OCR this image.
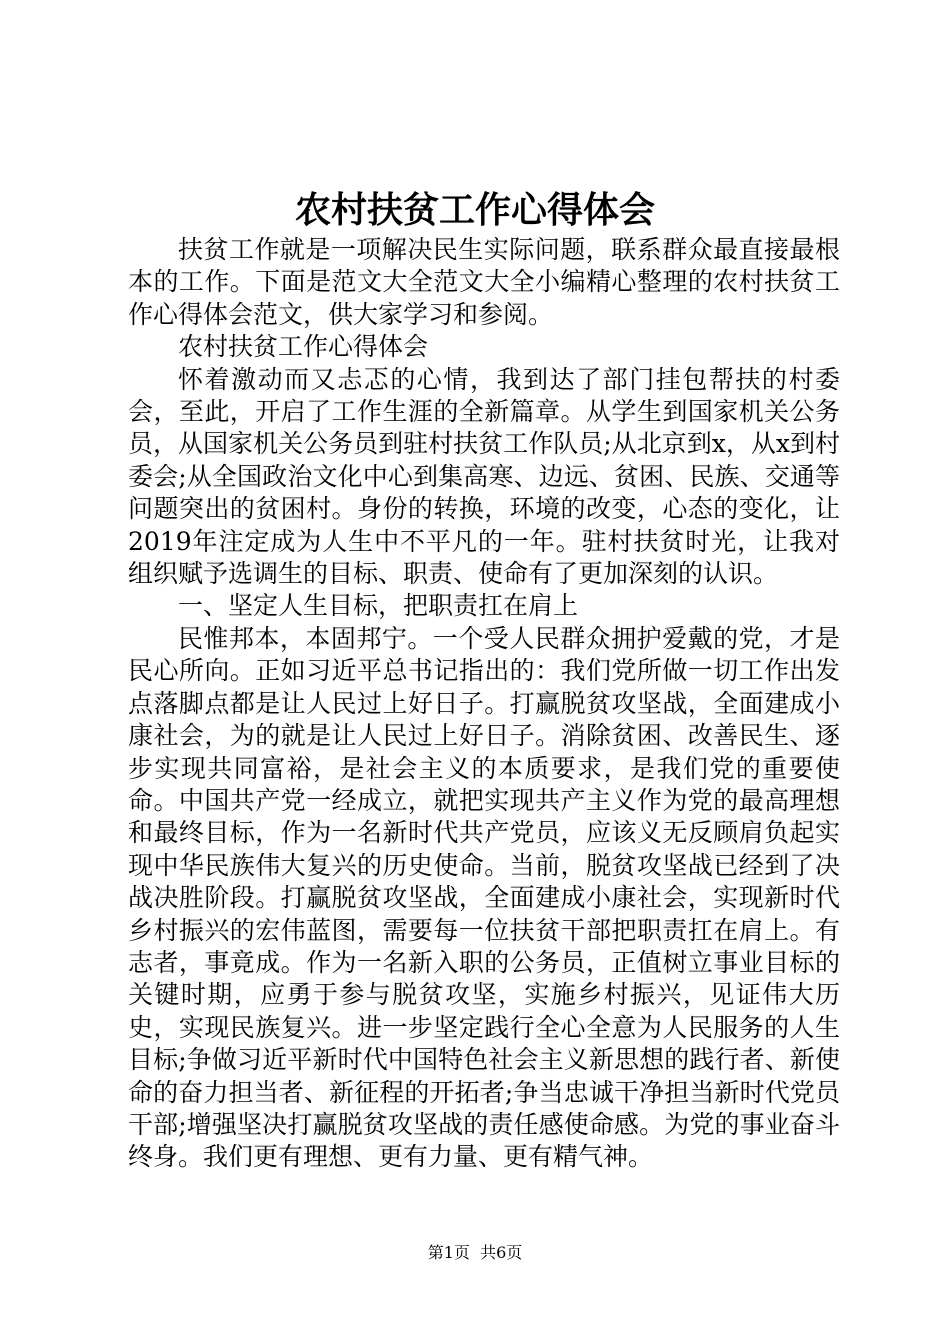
农村扶贫工作心得体会

扶贫工作就是一项解决民生实际问题，联系群众最直接最根本的工作。下面是范文大全范文大全小编精心整理的农村扶贫工作心得体会范文，供大家学习和参阅。

农村扶贫工作心得体会

怀着激动而又忐忑的心情，我到达了部门挂包帮扶的村委会，至此，开启了工作生涯的全新篇章。从学生到国家机关公务员，从国家机关公务员到驻村扶贫工作队员;从北京到x，从x到村委会;从全国政治文化中心到集高寒、边远、贫困、民族、交通等问题突出的贫困村。身份的转换，环境的改变，心态的变化，让2019年注定成为人生中不平凡的一年。驻村扶贫时光，让我对组织赋予选调生的目标、职责、使命有了更加深刻的认识。

一、坚定人生目标，把职责扛在肩上

民惟邦本，本固邦宁。一个受人民群众拥护爱戴的党，才是民心所向。正如习近平总书记指出的：我们党所做一切工作出发点落脚点都是让人民过上好日子。打赢脱贫攻坚战，全面建成小康社会，为的就是让人民过上好日子。消除贫困、改善民生、逐步实现共同富裕，是社会主义的本质要求，是我们党的重要使命。中国共产党一经成立，就把实现共产主义作为党的最高理想和最终目标，作为一名新时代共产党员，应该义无反顾肩负起实现中华民族伟大复兴的历史使命。当前，脱贫攻坚战已经到了决战决胜阶段。打赢脱贫攻坚战，全面建成小康社会，实现新时代乡村振兴的宏伟蓝图，需要每一位扶贫干部把职责扛在肩上。有志者，事竟成。作为一名新入职的公务员，正值树立事业目标的关键时期，应勇于参与脱贫攻坚，实施乡村振兴，见证伟大历史，实现民族复兴。进一步坚定践行全心全意为人民服务的人生目标;争做习近平新时代中国特色社会主义新思想的践行者、新使命的奋力担当者、新征程的开拓者;争当忠诚干净担当新时代党员干部;增强坚决打赢脱贫攻坚战的责任感使命感。为党的事业奋斗终身。我们更有理想、更有力量、更有精气神。

第1页 共6页
